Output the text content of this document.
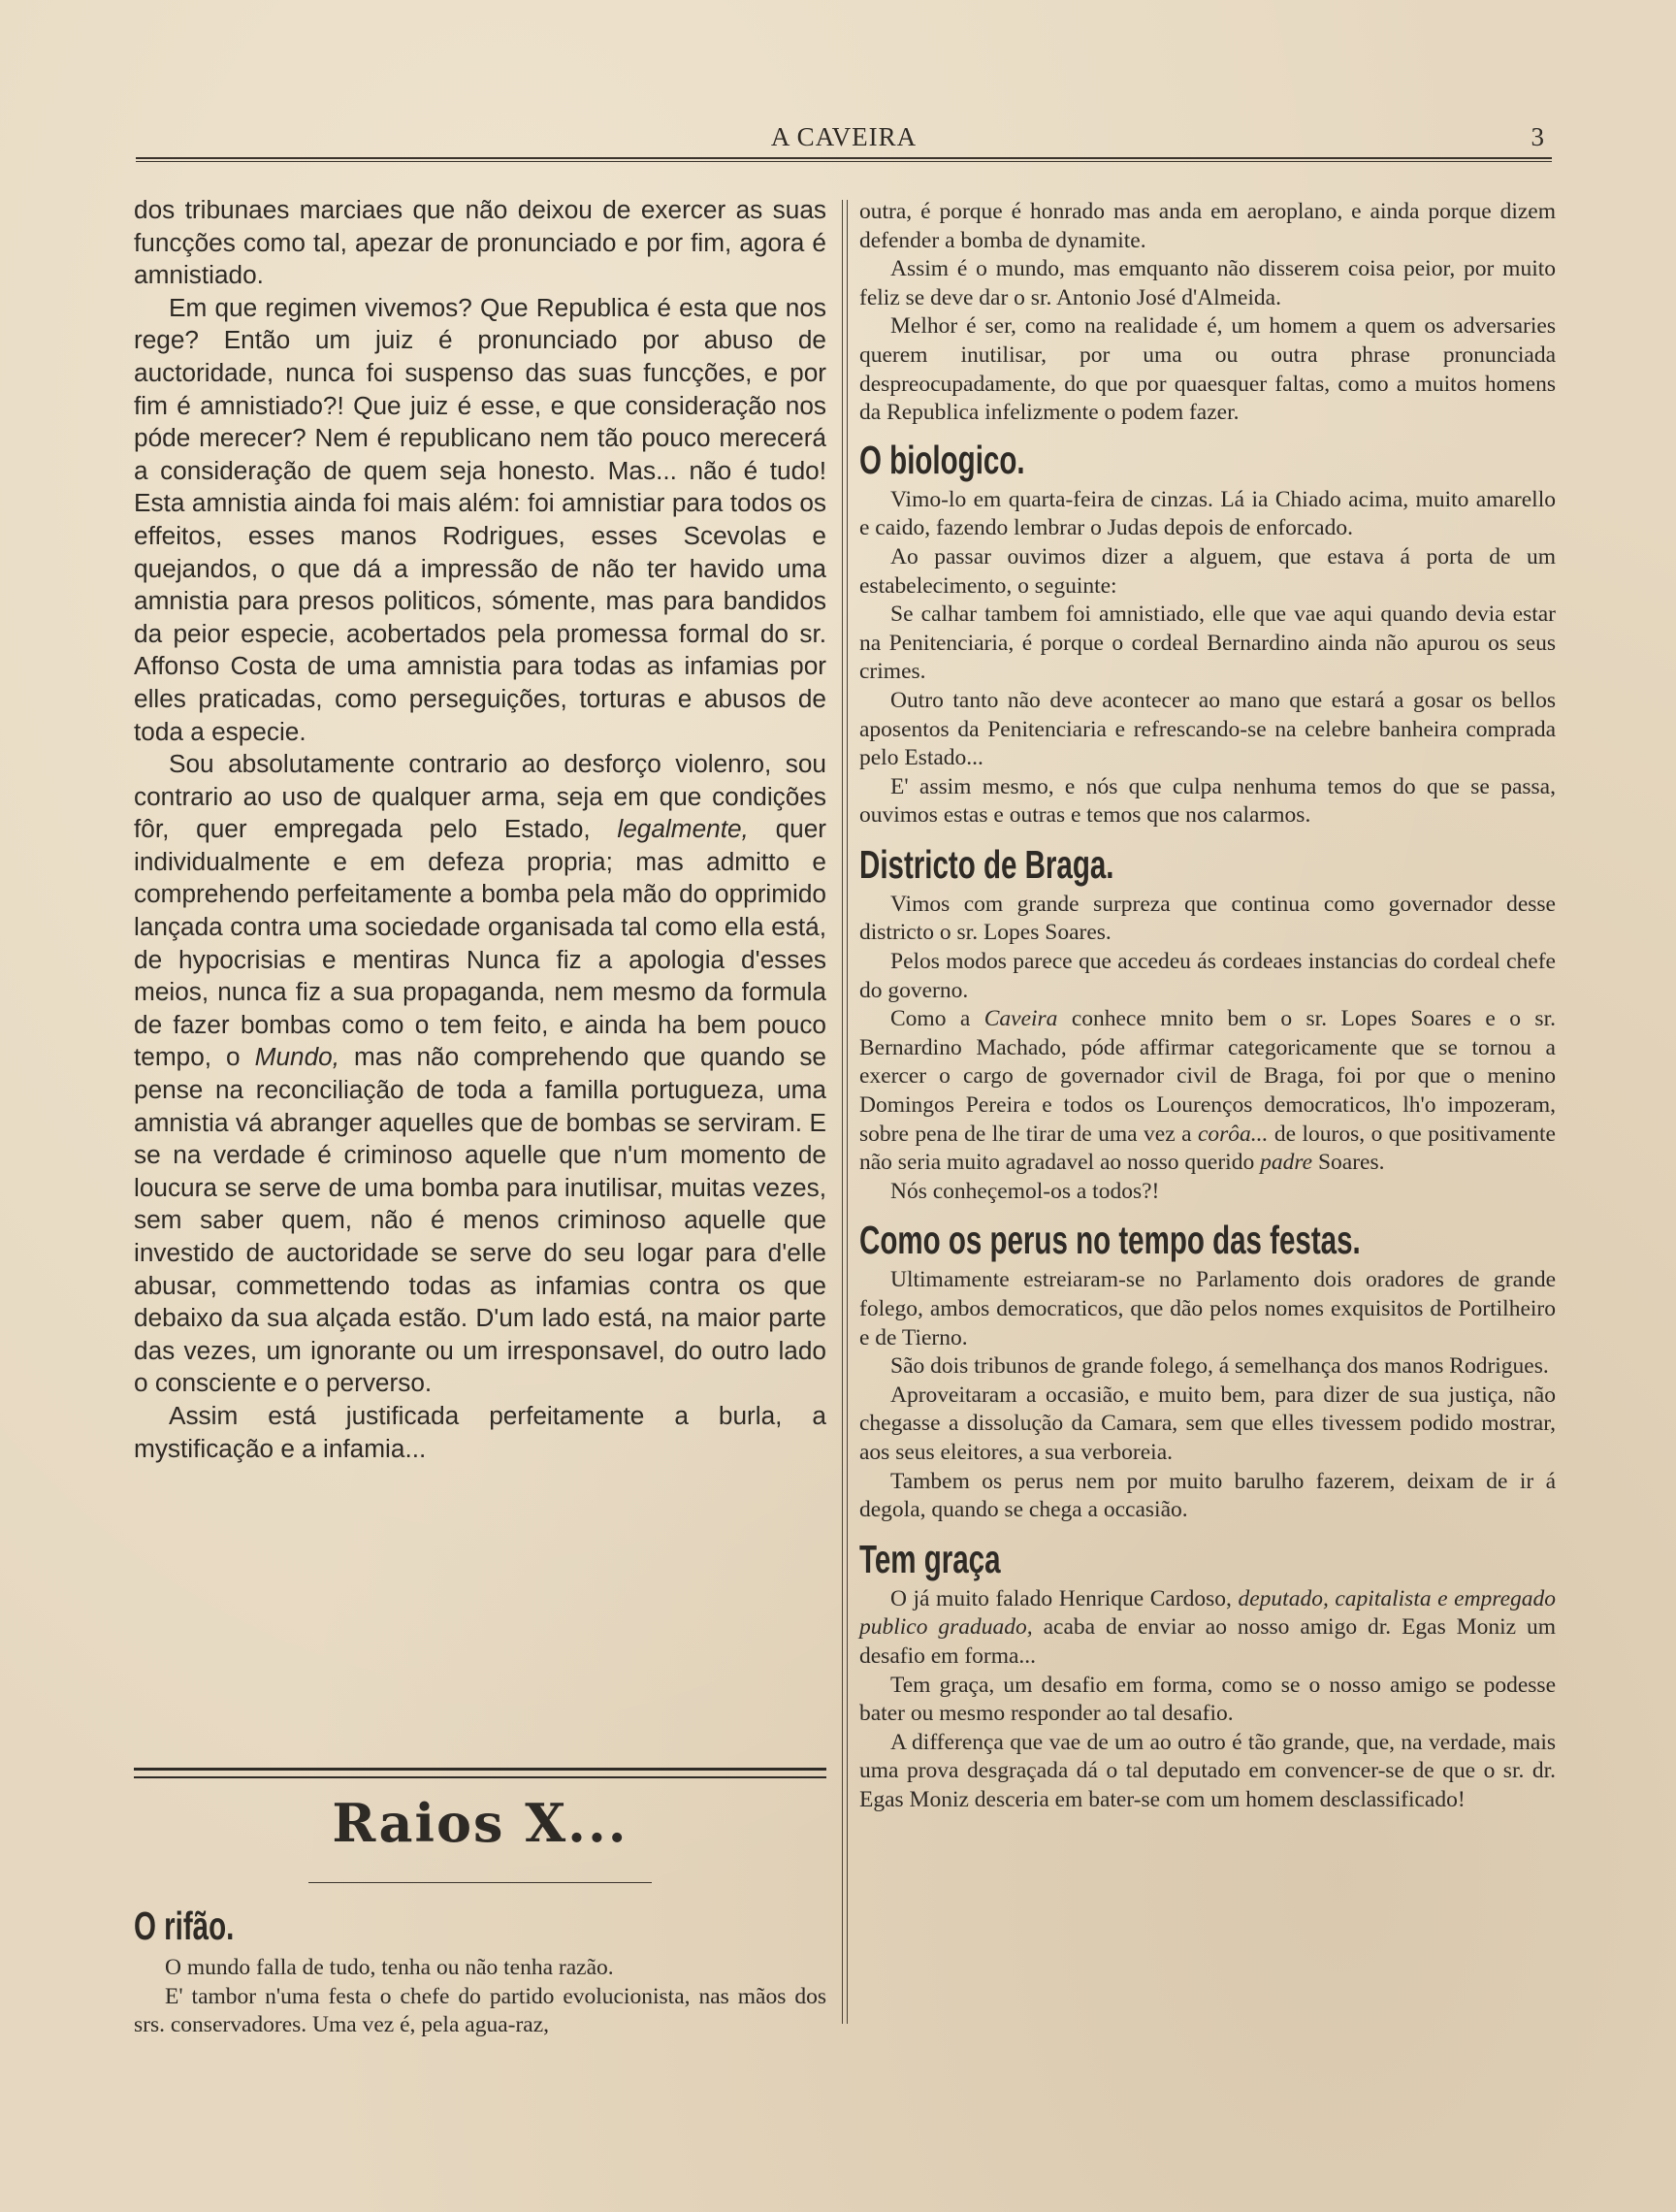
A CAVEIRA	3

dos tribunaes marciaes que não deixou de exercer as suas funcções como tal, apezar de pronunciado e por fim, agora é amnistiado.

Em que regimen vivemos? Que Republica é esta que nos rege? Então um juiz é pronunciado por abuso de auctoridade, nunca foi suspenso das suas funcções, e por fim é amnistiado?! Que juiz é esse, e que consideração nos póde merecer? Nem é republicano nem tão pouco merecerá a consideração de quem seja honesto. Mas... não é tudo! Esta amnistia ainda foi mais além: foi amnistiar para todos os effeitos, esses manos Rodrigues, esses Scevolas e quejandos, o que dá a impressão de não ter havido uma amnistia para presos politicos, sómente, mas para bandidos da peior especie, acobertados pela promessa formal do sr. Affonso Costa de uma amnistia para todas as infamias por elles praticadas, como perseguições, torturas e abusos de toda a especie.

Sou absolutamente contrario ao desforço violenro, sou contrario ao uso de qualquer arma, seja em que condições fôr, quer empregada pelo Estado, legalmente, quer individualmente e em defeza propria; mas admitto e comprehendo perfeitamente a bomba pela mão do opprimido lançada contra uma sociedade organisada tal como ella está, de hypocrisias e mentiras Nunca fiz a apologia d'esses meios, nunca fiz a sua propaganda, nem mesmo da formula de fazer bombas como o tem feito, e ainda ha bem pouco tempo, o Mundo, mas não comprehendo que quando se pense na reconciliação de toda a familla portugueza, uma amnistia vá abranger aquelles que de bombas se serviram. E se na verdade é criminoso aquelle que n'um momento de loucura se serve de uma bomba para inutilisar, muitas vezes, sem saber quem, não é menos criminoso aquelle que investido de auctoridade se serve do seu logar para d'elle abusar, commettendo todas as infamias contra os que debaixo da sua alçada estão. D'um lado está, na maior parte das vezes, um ignorante ou um irresponsavel, do outro lado o consciente e o perverso.

Assim está justificada perfeitamente a burla, a mystificação e a infamia...

Raios X...
O rifão.

O mundo falla de tudo, tenha ou não tenha razão.

E' tambor n'uma festa o chefe do partido evolucionista, nas mãos dos srs. conservadores. Uma vez é, pela agua-raz,

outra, é porque é honrado mas anda em aeroplano, e ainda porque dizem defender a bomba de dynamite.

Assim é o mundo, mas emquanto não disserem coisa peior, por muito feliz se deve dar o sr. Antonio José d'Almeida.

Melhor é ser, como na realidade é, um homem a quem os adversaries querem inutilisar, por uma ou outra phrase pronunciada despreocupadamente, do que por quaesquer faltas, como a muitos homens da Republica infelizmente o podem fazer.

O biologico.

Vimo-lo em quarta-feira de cinzas. Lá ia Chiado acima, muito amarello e caido, fazendo lembrar o Judas depois de enforcado.

Ao passar ouvimos dizer a alguem, que estava á porta de um estabelecimento, o seguinte:

Se calhar tambem foi amnistiado, elle que vae aqui quando devia estar na Penitenciaria, é porque o cordeal Bernardino ainda não apurou os seus crimes.

Outro tanto não deve acontecer ao mano que estará a gosar os bellos aposentos da Penitenciaria e refrescando-se na celebre banheira comprada pelo Estado...

E' assim mesmo, e nós que culpa nenhuma temos do que se passa, ouvimos estas e outras e temos que nos calarmos.

Districto de Braga.

Vimos com grande surpreza que continua como governador desse districto o sr. Lopes Soares.

Pelos modos parece que accedeu ás cordeaes instancias do cordeal chefe do governo.

Como a Caveira conhece mnito bem o sr. Lopes Soares e o sr. Bernardino Machado, póde affirmar categoricamente que se tornou a exercer o cargo de governador civil de Braga, foi por que o menino Domingos Pereira e todos os Lourenços democraticos, lh'o impozeram, sobre pena de lhe tirar de uma vez a corôa... de louros, o que positivamente não seria muito agradavel ao nosso querido padre Soares.

Nós conheçemol-os a todos?!

Como os perus no tempo das festas.

Ultimamente estreiaram-se no Parlamento dois oradores de grande folego, ambos democraticos, que dão pelos nomes exquisitos de Portilheiro e de Tierno.

São dois tribunos de grande folego, á semelhança dos manos Rodrigues.

Aproveitaram a occasião, e muito bem, para dizer de sua justiça, não chegasse a dissolução da Camara, sem que elles tivessem podido mostrar, aos seus eleitores, a sua verboreia.

Tambem os perus nem por muito barulho fazerem, deixam de ir á degola, quando se chega a occasião.

Tem graça

O já muito falado Henrique Cardoso, deputado, capitalista e empregado publico graduado, acaba de enviar ao nosso amigo dr. Egas Moniz um desafio em forma...

Tem graça, um desafio em forma, como se o nosso amigo se podesse bater ou mesmo responder ao tal desafio.

A differença que vae de um ao outro é tão grande, que, na verdade, mais uma prova desgraçada dá o tal deputado em convencer-se de que o sr. dr. Egas Moniz desceria em bater-se com um homem desclassificado!
